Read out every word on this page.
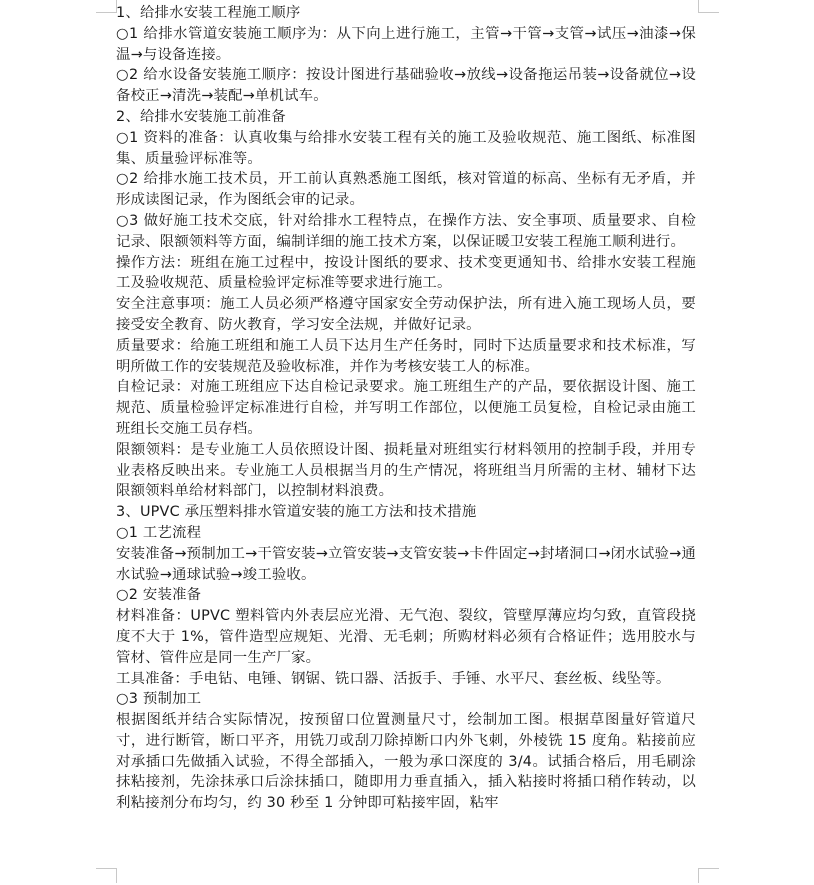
1、给排水安装工程施工顺序

○1 给排水管道安装施工顺序为：从下向上进行施工，主管→干管→支管→试压→油漆→保温→与设备连接。

○2 给水设备安装施工顺序：按设计图进行基础验收→放线→设备拖运吊装→设备就位→设备校正→清洗→装配→单机试车。

2、给排水安装施工前准备

○1 资料的准备：认真收集与给排水安装工程有关的施工及验收规范、施工图纸、标准图集、质量验评标准等。

○2 给排水施工技术员，开工前认真熟悉施工图纸，核对管道的标高、坐标有无矛盾，并形成读图记录，作为图纸会审的记录。

○3 做好施工技术交底，针对给排水工程特点，在操作方法、安全事项、质量要求、自检记录、限额领料等方面，编制详细的施工技术方案，以保证暖卫安装工程施工顺利进行。

操作方法：班组在施工过程中，按设计图纸的要求、技术变更通知书、给排水安装工程施工及验收规范、质量检验评定标准等要求进行施工。

安全注意事项：施工人员必须严格遵守国家安全劳动保护法，所有进入施工现场人员，要接受安全教育、防火教育，学习安全法规，并做好记录。

质量要求：给施工班组和施工人员下达月生产任务时，同时下达质量要求和技术标准，写明所做工作的安装规范及验收标准，并作为考核安装工人的标准。

自检记录：对施工班组应下达自检记录要求。施工班组生产的产品，要依据设计图、施工规范、质量检验评定标准进行自检，并写明工作部位，以便施工员复检，自检记录由施工班组长交施工员存档。

限额领料：是专业施工人员依照设计图、损耗量对班组实行材料领用的控制手段，并用专业表格反映出来。专业施工人员根据当月的生产情况，将班组当月所需的主材、辅材下达限额领料单给材料部门，以控制材料浪费。

3、UPVC 承压塑料排水管道安装的施工方法和技术措施

○1 工艺流程

安装准备→预制加工→干管安装→立管安装→支管安装→卡件固定→封堵洞口→闭水试验→通水试验→通球试验→竣工验收。

○2 安装准备

材料准备：UPVC 塑料管内外表层应光滑、无气泡、裂纹，管壁厚薄应均匀致，直管段挠度不大于 1%，管件造型应规矩、光滑、无毛刺；所购材料必须有合格证件；选用胶水与管材、管件应是同一生产厂家。

工具准备：手电钻、电锤、钢锯、铣口器、活扳手、手锤、水平尺、套丝板、线坠等。

○3 预制加工

根据图纸并结合实际情况，按预留口位置测量尺寸，绘制加工图。根据草图量好管道尺寸，进行断管，断口平齐，用铣刀或刮刀除掉断口内外飞刺，外棱铣 15 度角。粘接前应对承插口先做插入试验，不得全部插入，一般为承口深度的 3/4。试插合格后，用毛刷涂抹粘接剂，先涂抹承口后涂抹插口，随即用力垂直插入，插入粘接时将插口稍作转动，以利粘接剂分布均匀，约 30 秒至 1 分钟即可粘接牢固，粘牢
